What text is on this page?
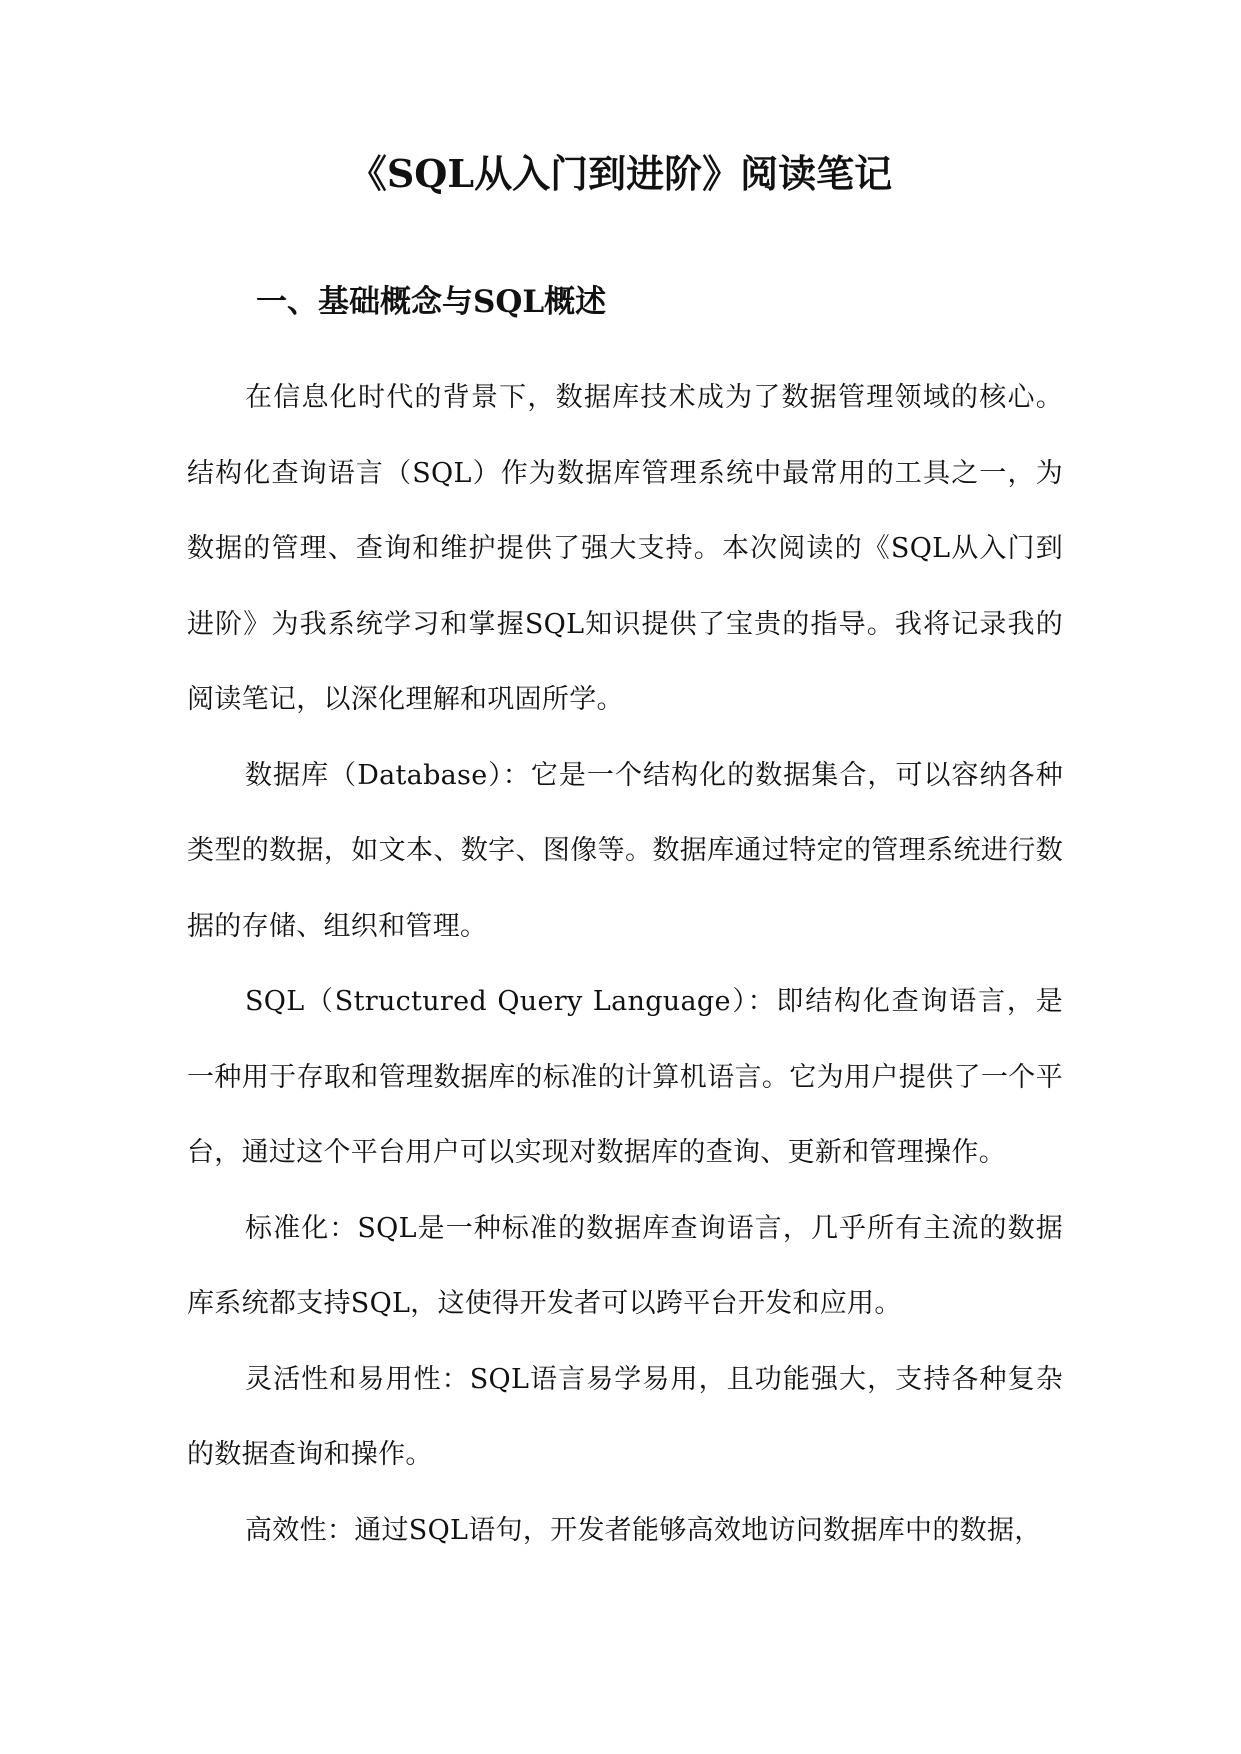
《SQL从入门到进阶》阅读笔记
一、基础概念与SQL概述

在信息化时代的背景下，数据库技术成为了数据管理领域的核心。结构化查询语言（SQL）作为数据库管理系统中最常用的工具之一，为数据的管理、查询和维护提供了强大支持。本次阅读的《SQL从入门到进阶》为我系统学习和掌握SQL知识提供了宝贵的指导。我将记录我的阅读笔记，以深化理解和巩固所学。

数据库（Database）：它是一个结构化的数据集合，可以容纳各种类型的数据，如文本、数字、图像等。数据库通过特定的管理系统进行数据的存储、组织和管理。

SQL（Structured Query Language）：即结构化查询语言，是一种用于存取和管理数据库的标准的计算机语言。它为用户提供了一个平台，通过这个平台用户可以实现对数据库的查询、更新和管理操作。

标准化：SQL是一种标准的数据库查询语言，几乎所有主流的数据库系统都支持SQL，这使得开发者可以跨平台开发和应用。

灵活性和易用性：SQL语言易学易用，且功能强大，支持各种复杂的数据查询和操作。

高效性：通过SQL语句，开发者能够高效地访问数据库中的数据，
